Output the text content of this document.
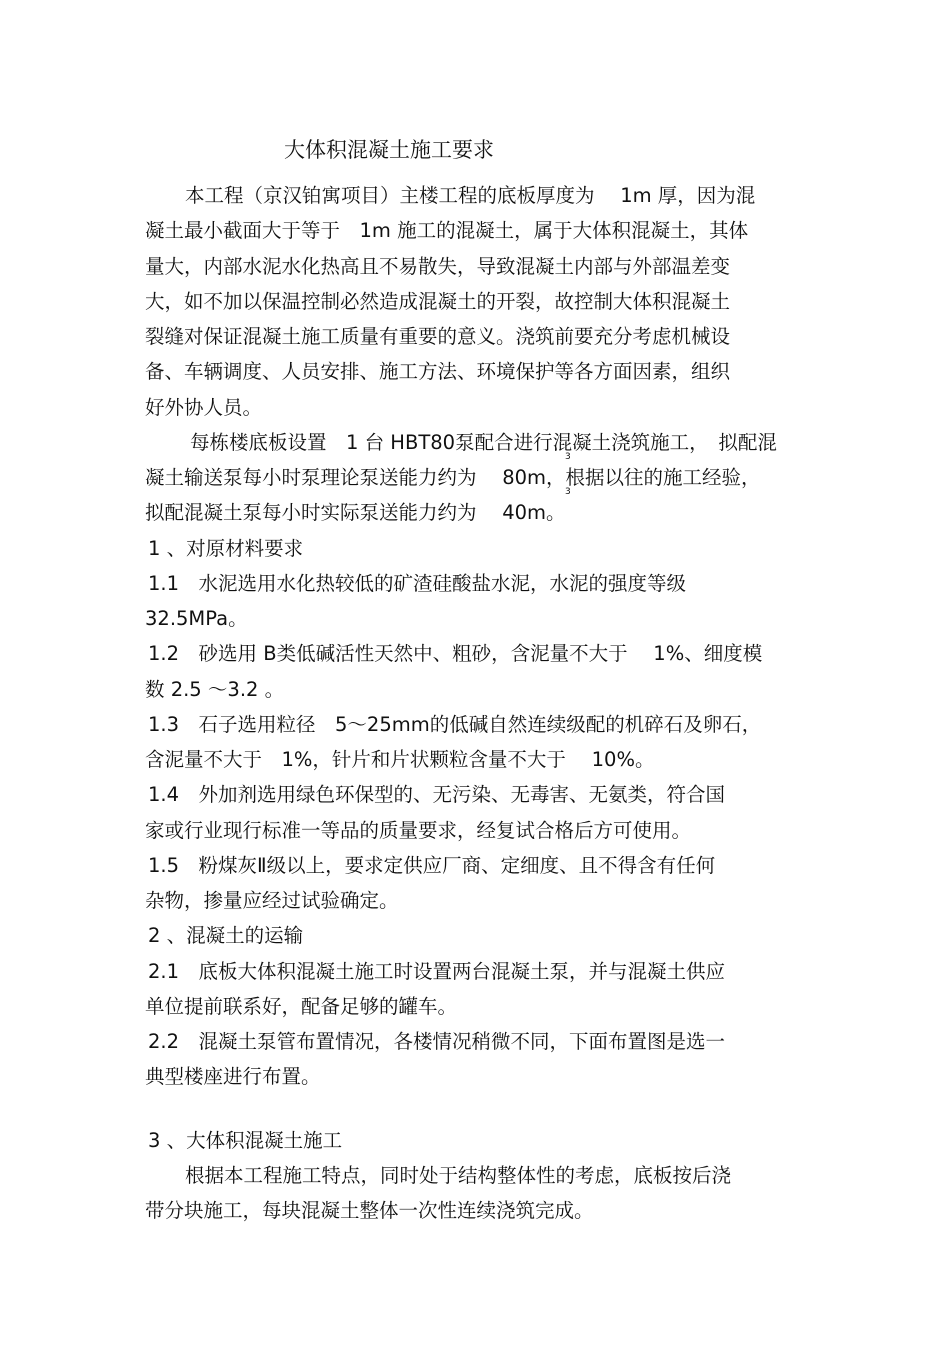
大体积混凝土施工要求
本工程（京汉铂寓项目）主楼工程的底板厚度为　 1m 厚，因为混
凝土最小截面大于等于　1m 施工的混凝土，属于大体积混凝土，其体
量大，内部水泥水化热高且不易散失，导致混凝土内部与外部温差变
大，如不加以保温控制必然造成混凝土的开裂，故控制大体积混凝土
裂缝对保证混凝土施工质量有重要的意义。浇筑前要充分考虑机械设
备、车辆调度、人员安排、施工方法、环境保护等各方面因素，组织
好外协人员。
每栋楼底板设置　1 台 HBT80泵配合进行混凝土浇筑施工，　拟配混
凝土输送泵每小时泵理论泵送能力约为　 80m，根据以往的施工经验，
3
拟配混凝土泵每小时实际泵送能力约为　 40m。
3
1 、对原材料要求
1.1　水泥选用水化热较低的矿渣硅酸盐水泥，水泥的强度等级
32.5MPa。
1.2　砂选用 B类低碱活性天然中、粗砂，含泥量不大于　 1%、细度模
数 2.5 ～3.2 。
1.3　石子选用粒径　5～25mm的低碱自然连续级配的机碎石及卵石，
含泥量不大于　1%，针片和片状颗粒含量不大于　 10%。
1.4　外加剂选用绿色环保型的、无污染、无毒害、无氨类，符合国
家或行业现行标准一等品的质量要求，经复试合格后方可使用。
1.5　粉煤灰Ⅱ级以上，要求定供应厂商、定细度、且不得含有任何
杂物，掺量应经过试验确定。
2 、混凝土的运输
2.1　底板大体积混凝土施工时设置两台混凝土泵，并与混凝土供应
单位提前联系好，配备足够的罐车。
2.2　混凝土泵管布置情况，各楼情况稍微不同，下面布置图是选一
典型楼座进行布置。
3 、大体积混凝土施工
根据本工程施工特点，同时处于结构整体性的考虑，底板按后浇
带分块施工，每块混凝土整体一次性连续浇筑完成。
